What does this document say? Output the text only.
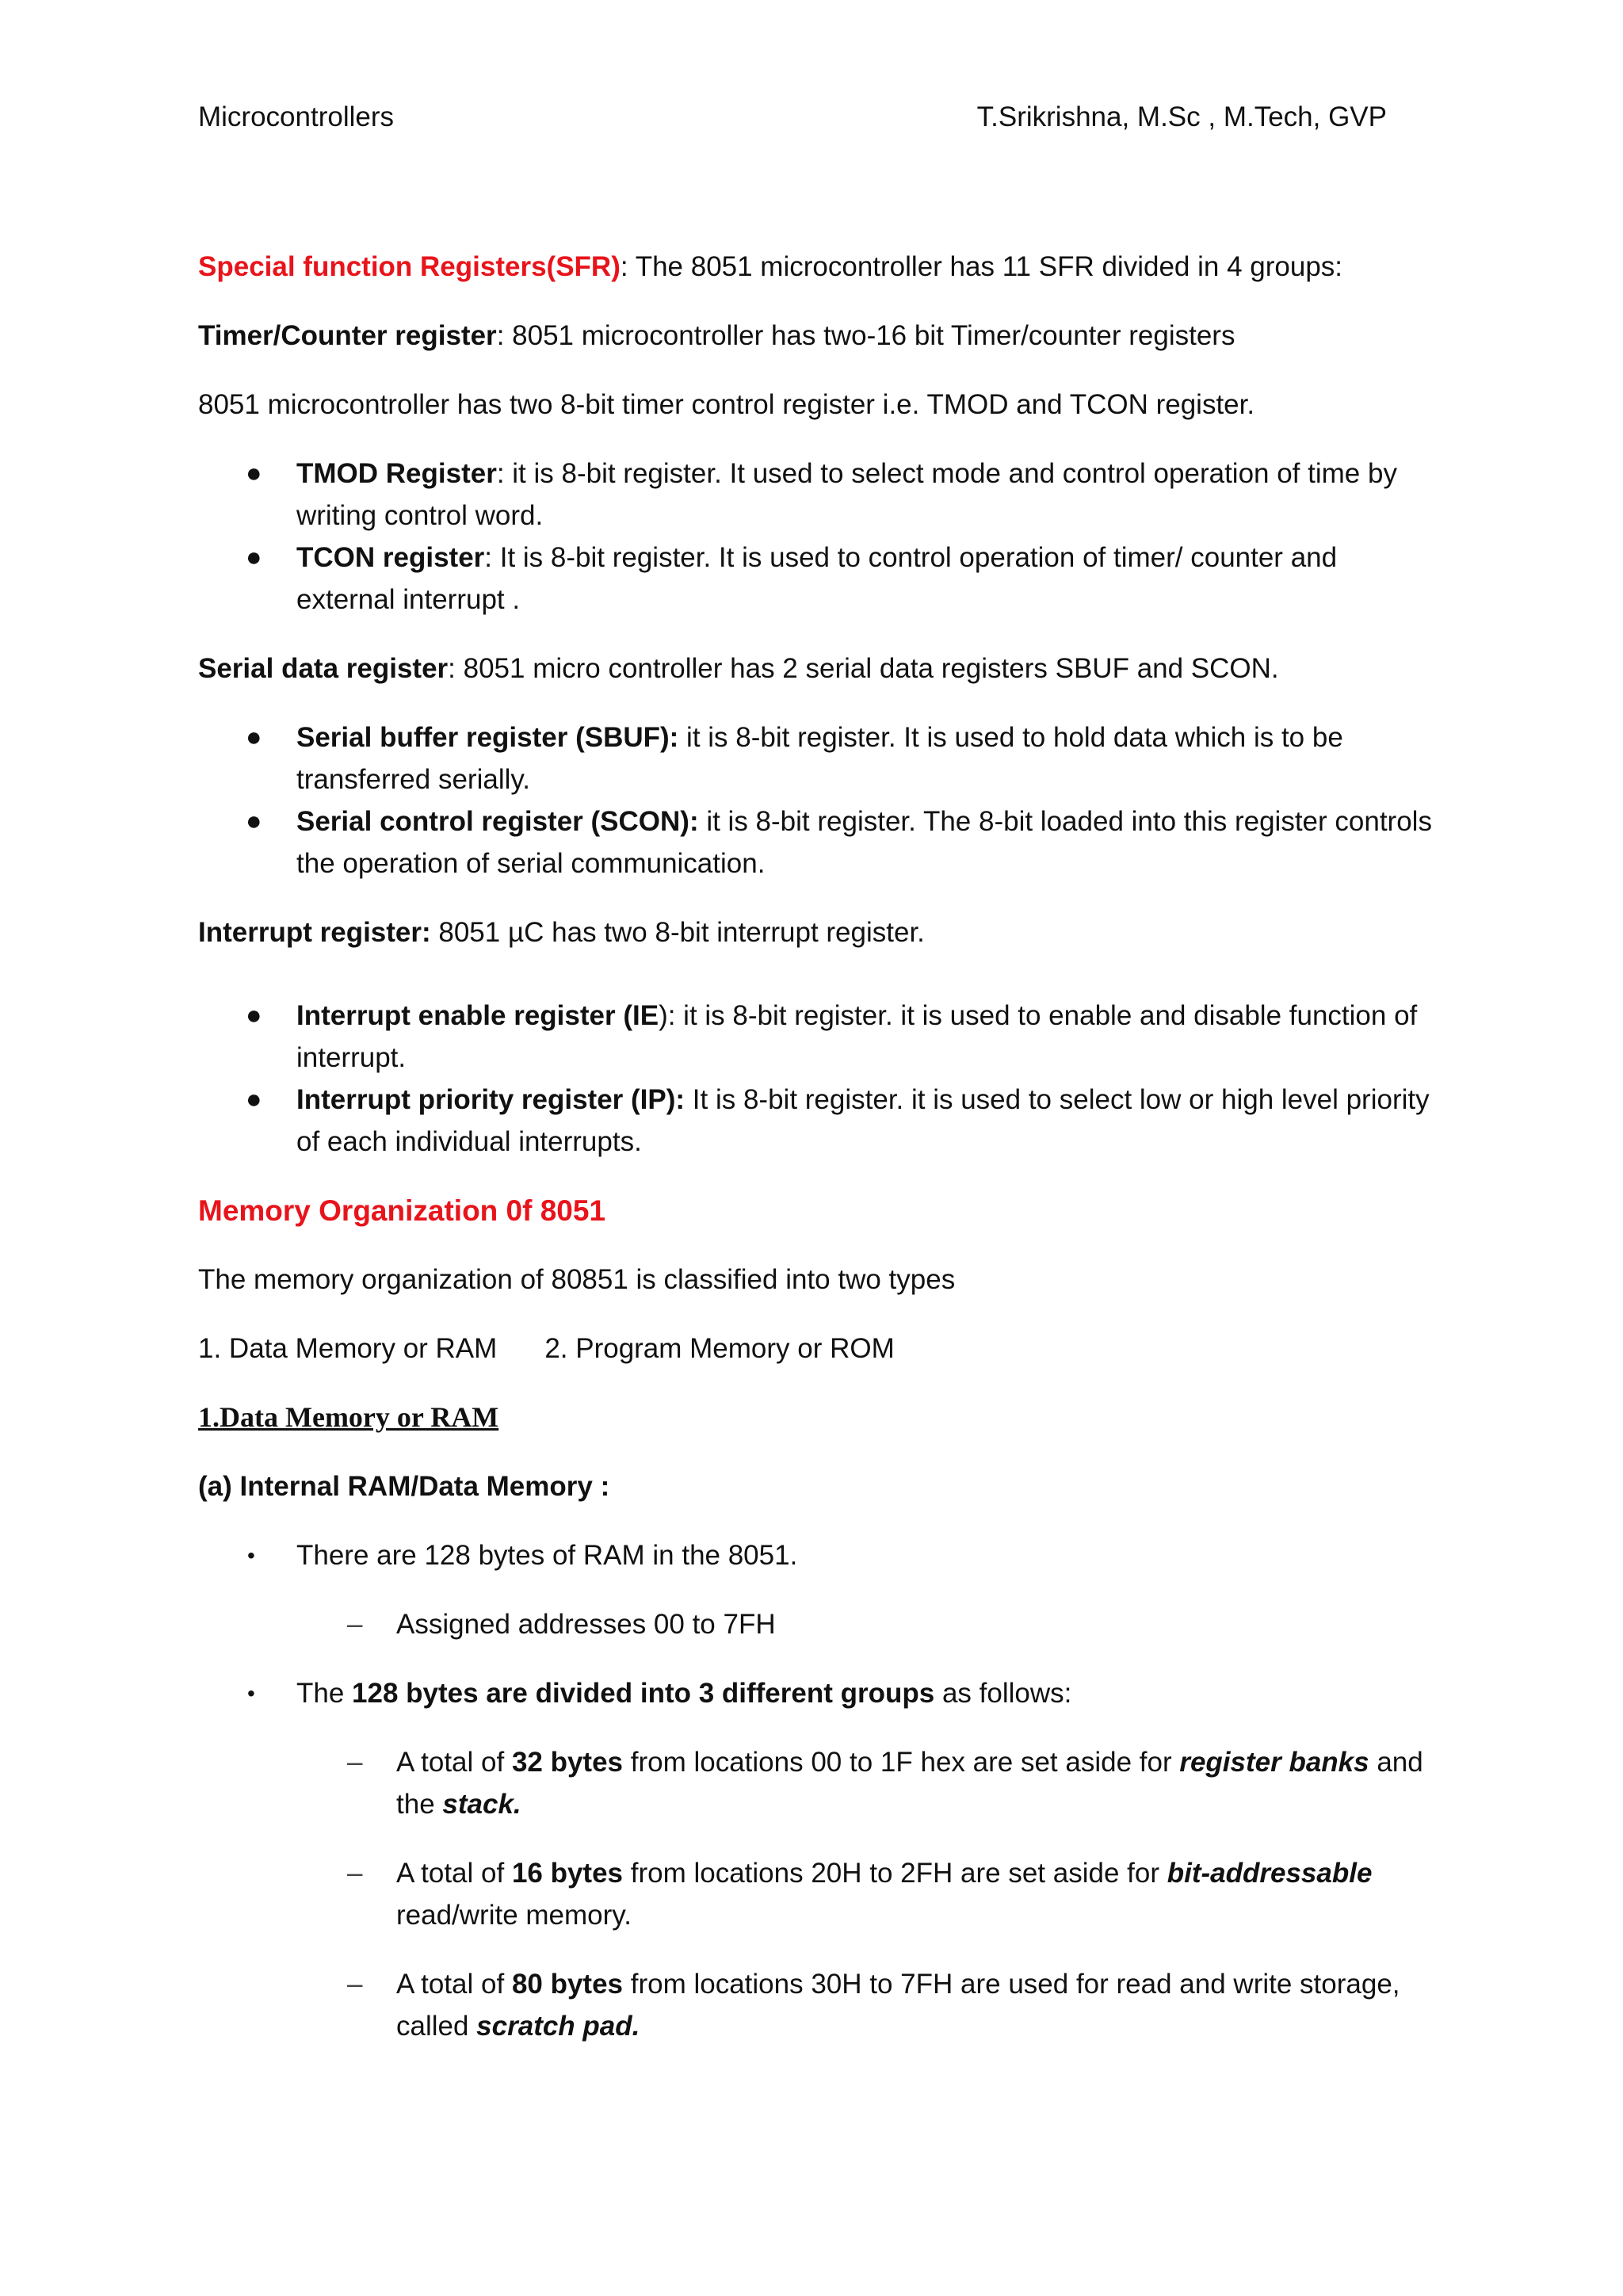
Microcontrollers	T.Srikrishna, M.Sc , M.Tech, GVP

Special function Registers(SFR): The 8051 microcontroller has 11 SFR divided in 4 groups:

Timer/Counter register: 8051 microcontroller has two-16 bit Timer/counter registers

8051 microcontroller has two 8-bit timer control register i.e. TMOD and TCON register.

● TMOD Register: it is 8-bit register. It used to select mode and control operation of time by writing control word.
● TCON register: It is 8-bit register. It is used to control operation of timer/ counter and external interrupt .

Serial data register: 8051 micro controller has 2 serial data registers SBUF and SCON.

● Serial buffer register (SBUF): it is 8-bit register. It is used to hold data which is to be transferred serially.
● Serial control register (SCON): it is 8-bit register. The 8-bit loaded into this register controls the operation of serial communication.

Interrupt register: 8051 µC has two 8-bit interrupt register.

● Interrupt enable register (IE): it is 8-bit register. it is used to enable and disable function of interrupt.
● Interrupt priority register (IP): It is 8-bit register. it is used to select low or high level priority of each individual interrupts.
Memory Organization 0f 8051

The memory organization of 80851 is classified into two types

1. Data Memory or RAM 2. Program Memory or ROM

1.Data Memory or RAM

(a) Internal RAM/Data Memory :

• There are 128 bytes of RAM in the 8051.
– Assigned addresses 00 to 7FH
• The 128 bytes are divided into 3 different groups as follows:
– A total of 32 bytes from locations 00 to 1F hex are set aside for register banks and the stack.
– A total of 16 bytes from locations 20H to 2FH are set aside for bit-addressable read/write memory.
– A total of 80 bytes from locations 30H to 7FH are used for read and write storage, called scratch pad.
